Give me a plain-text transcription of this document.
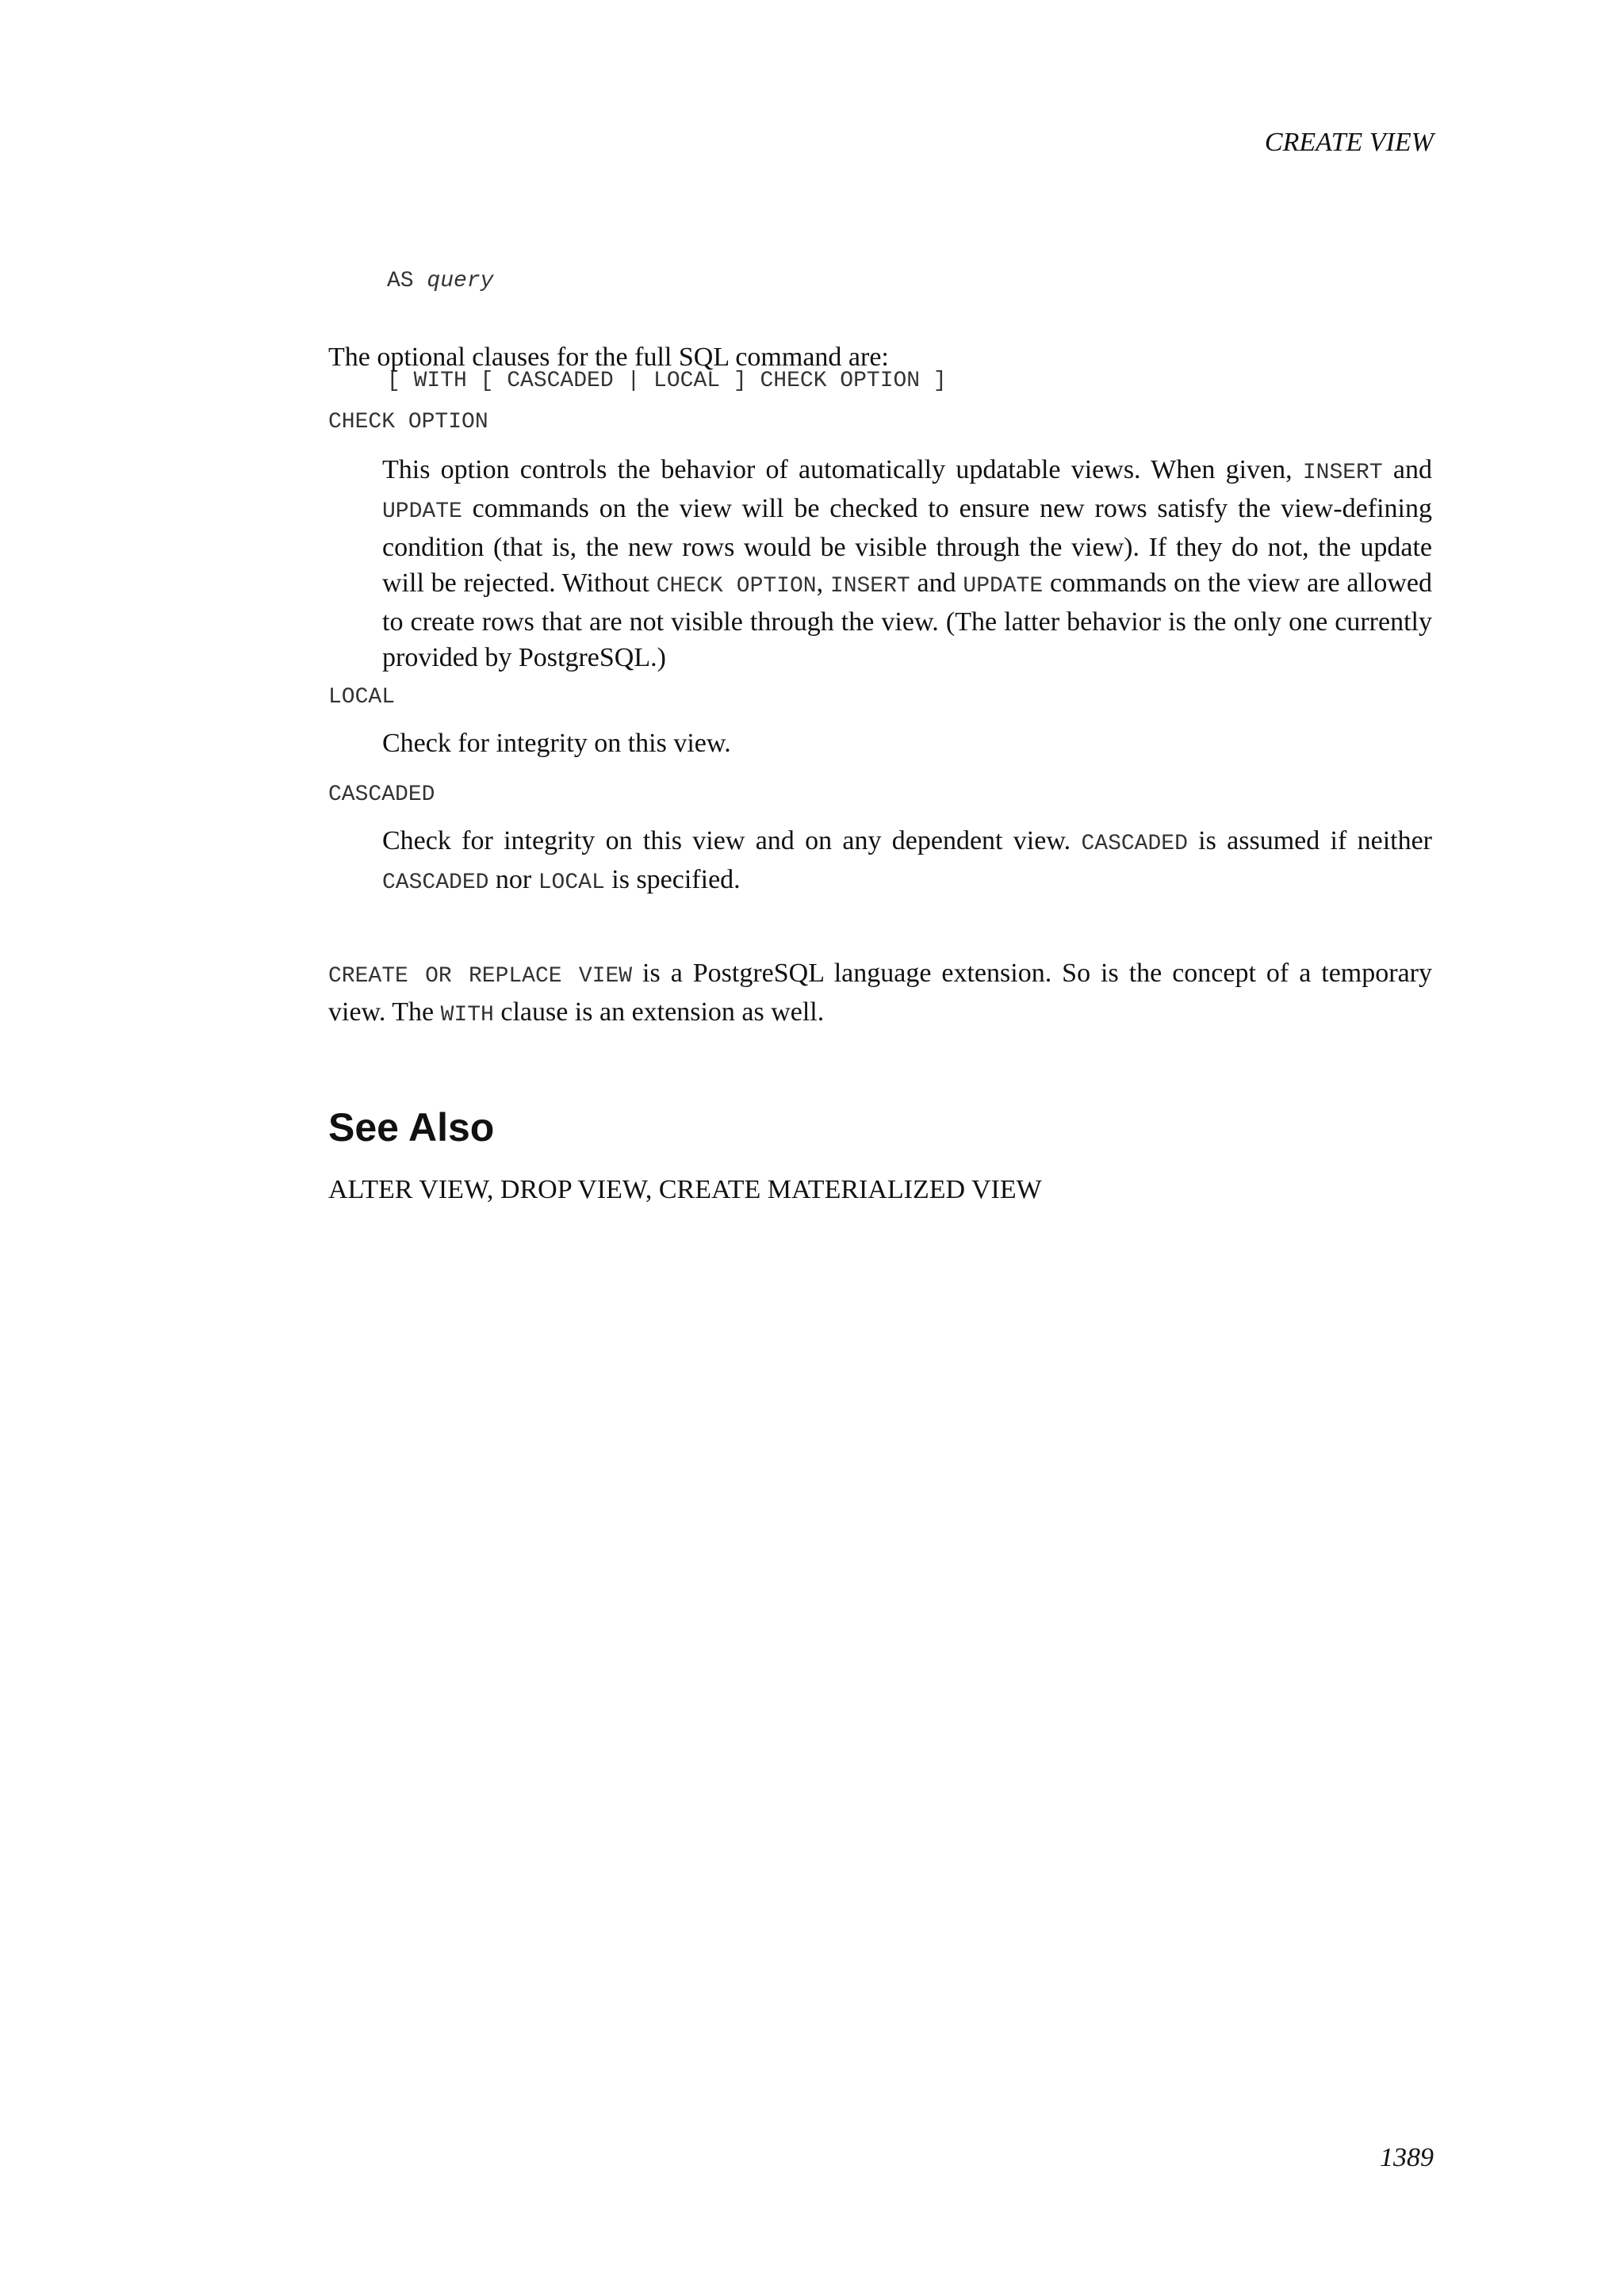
CREATE VIEW

AS query

[ WITH [ CASCADED | LOCAL ] CHECK OPTION ]

The optional clauses for the full SQL command are:
CHECK OPTION
This option controls the behavior of automatically updatable views. When given, INSERT and UPDATE commands on the view will be checked to ensure new rows satisfy the view-defining condition (that is, the new rows would be visible through the view). If they do not, the update will be rejected. Without CHECK OPTION, INSERT and UPDATE commands on the view are allowed to create rows that are not visible through the view. (The latter behavior is the only one currently provided by PostgreSQL.)
LOCAL
Check for integrity on this view.
CASCADED
Check for integrity on this view and on any dependent view. CASCADED is assumed if neither CASCADED nor LOCAL is specified.
CREATE OR REPLACE VIEW is a PostgreSQL language extension. So is the concept of a temporary view. The WITH clause is an extension as well.
See Also
ALTER VIEW, DROP VIEW, CREATE MATERIALIZED VIEW
1389
